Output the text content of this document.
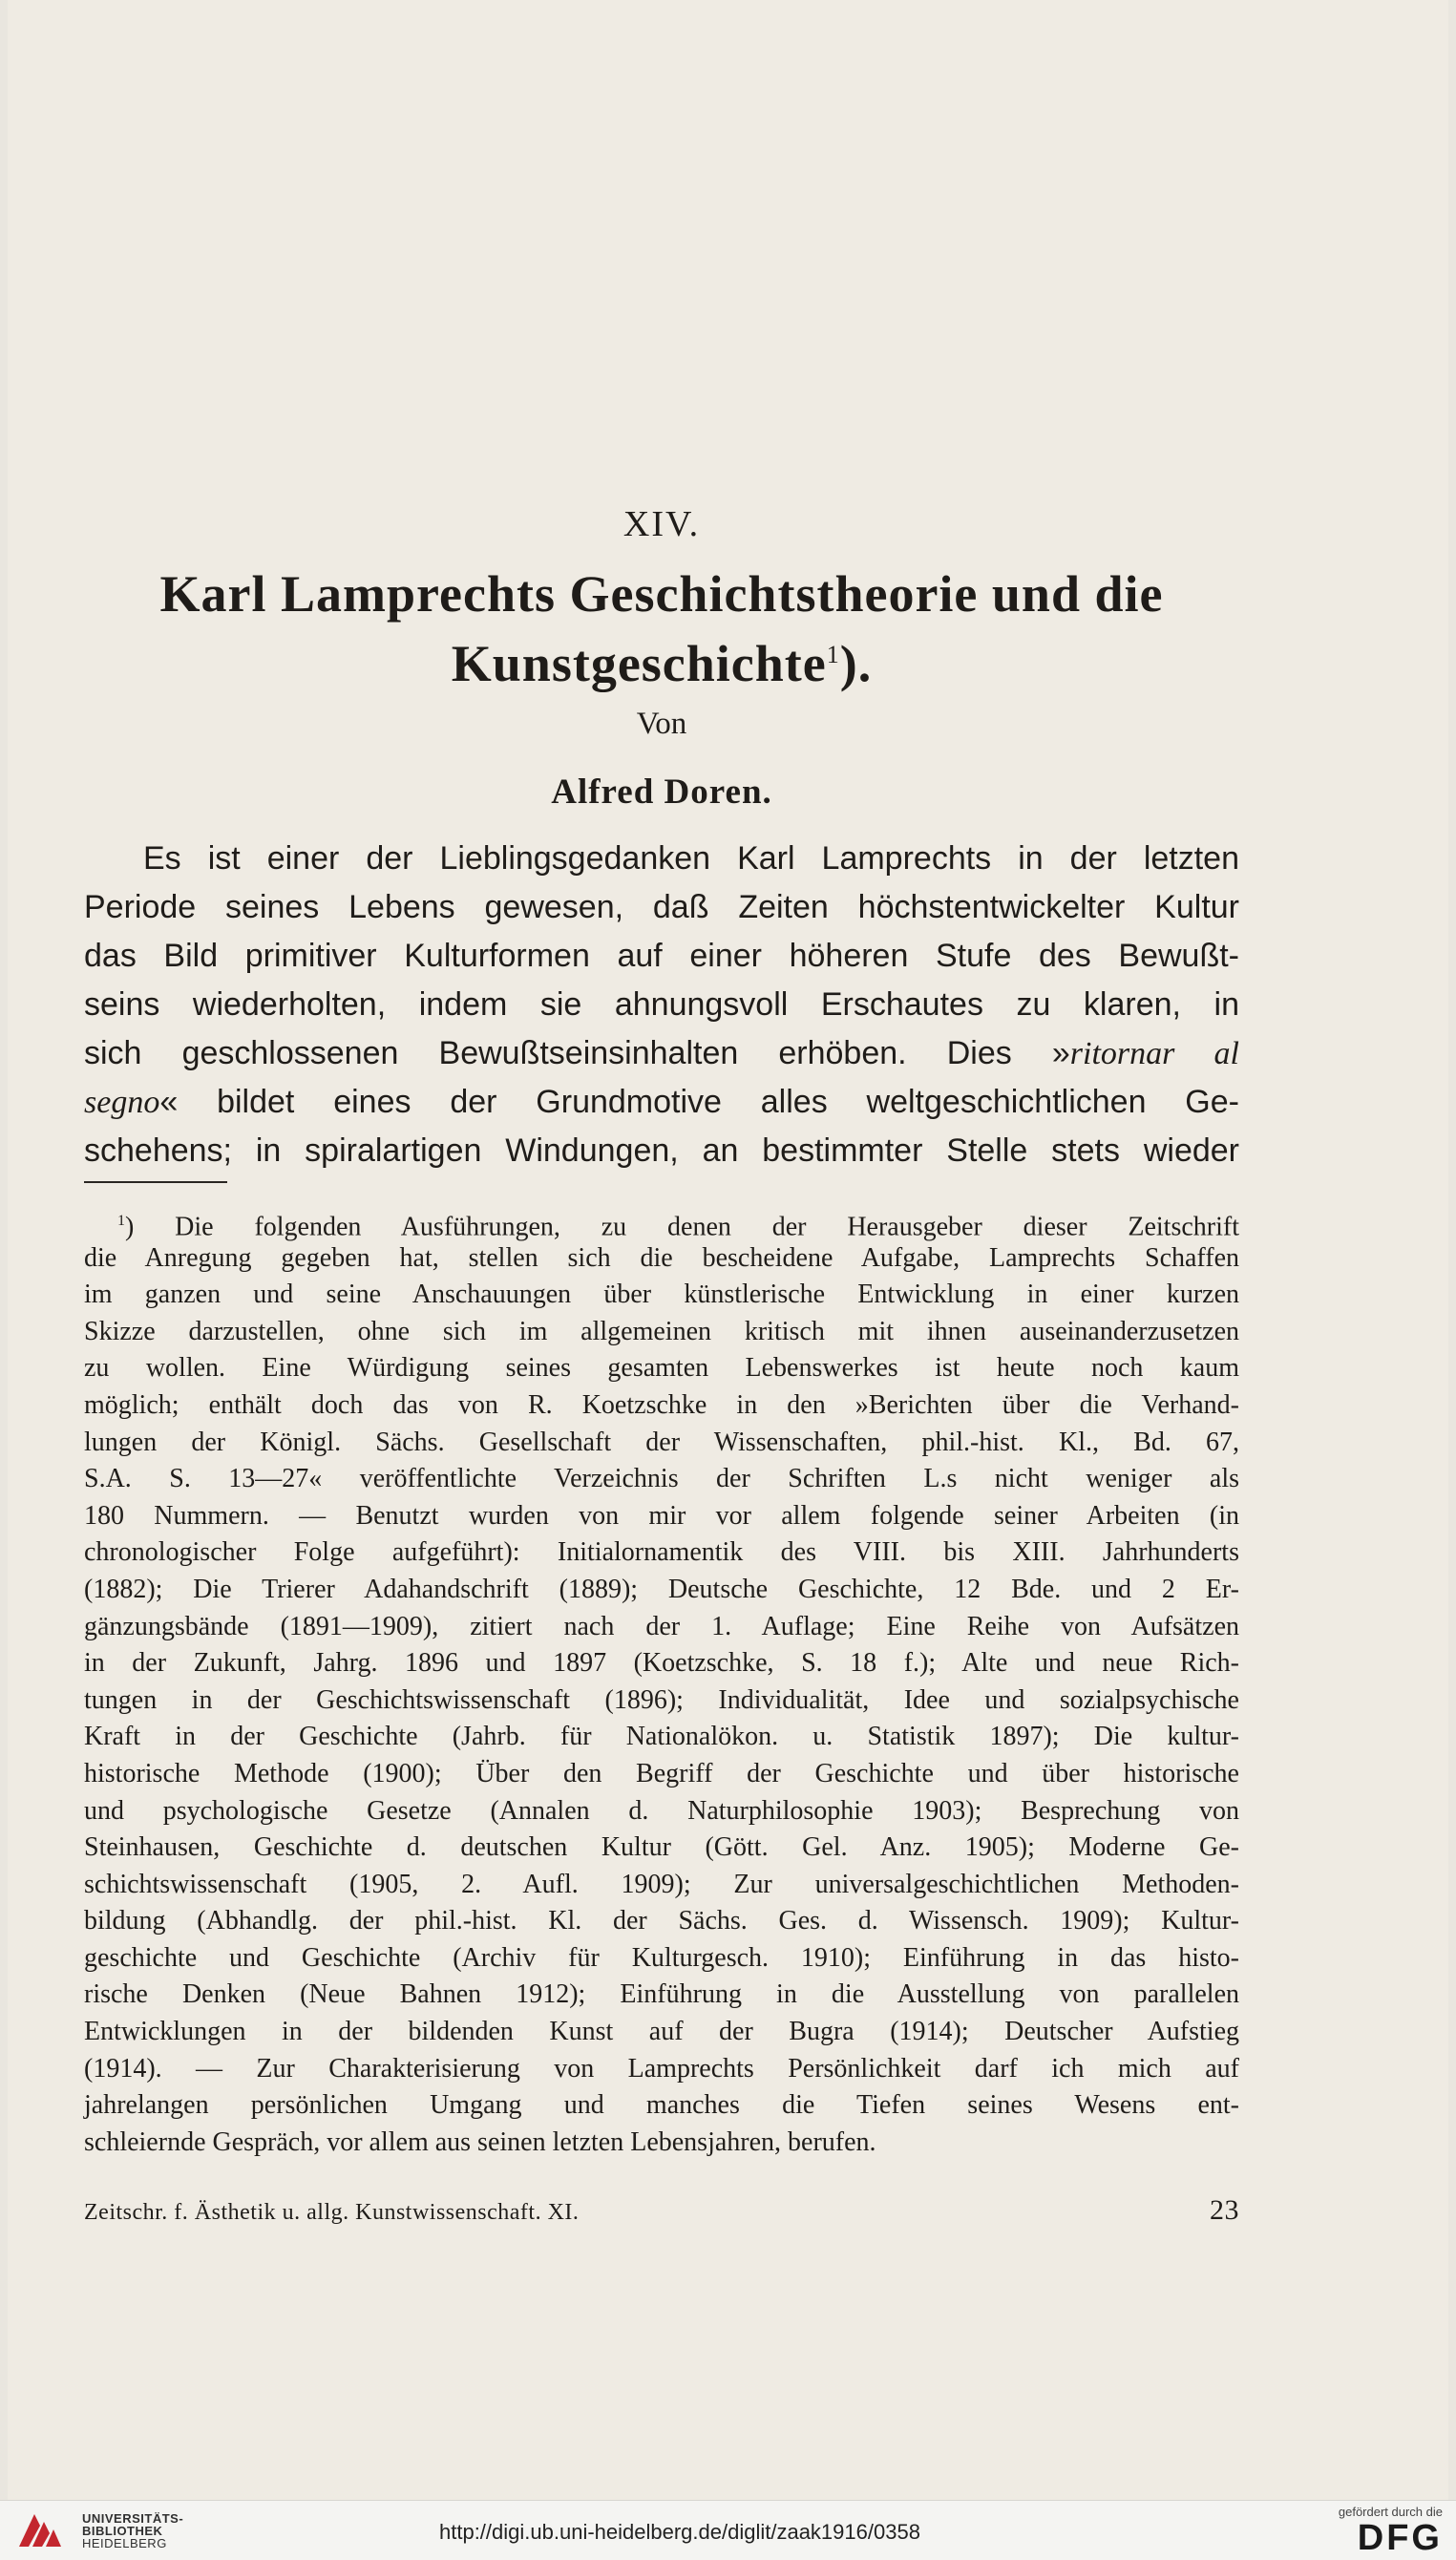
XIV.
Karl Lamprechts Geschichtstheorie und die
Kunstgeschichte$^1$).
Von
Alfred Doren.
Es ist einer der Lieblingsgedanken Karl Lamprechts in der letzten
Periode seines Lebens gewesen, daß Zeiten höchstentwickelter Kultur
das Bild primitiver Kulturformen auf einer höheren Stufe des Bewußt-
seins wiederholten, indem sie ahnungsvoll Erschautes zu klaren, in
sich geschlossenen Bewußtseinsinhalten erhöben. Dies »ritornar al
segno« bildet eines der Grundmotive alles weltgeschichtlichen Ge-
schehens; in spiralartigen Windungen, an bestimmter Stelle stets wieder
$^1$) Die folgenden Ausführungen, zu denen der Herausgeber dieser Zeitschrift
die Anregung gegeben hat, stellen sich die bescheidene Aufgabe, Lamprechts Schaffen
im ganzen und seine Anschauungen über künstlerische Entwicklung in einer kurzen
Skizze darzustellen, ohne sich im allgemeinen kritisch mit ihnen auseinanderzusetzen
zu wollen. Eine Würdigung seines gesamten Lebenswerkes ist heute noch kaum
möglich; enthält doch das von R. Koetzschke in den »Berichten über die Verhand-
lungen der Königl. Sächs. Gesellschaft der Wissenschaften, phil.-hist. Kl., Bd. 67,
S.A. S. 13—27« veröffentlichte Verzeichnis der Schriften L.s nicht weniger als
180 Nummern. — Benutzt wurden von mir vor allem folgende seiner Arbeiten (in
chronologischer Folge aufgeführt): Initialornamentik des VIII. bis XIII. Jahrhunderts
(1882); Die Trierer Adahandschrift (1889); Deutsche Geschichte, 12 Bde. und 2 Er-
gänzungsbände (1891—1909), zitiert nach der 1. Auflage; Eine Reihe von Aufsätzen
in der Zukunft, Jahrg. 1896 und 1897 (Koetzschke, S. 18 f.); Alte und neue Rich-
tungen in der Geschichtswissenschaft (1896); Individualität, Idee und sozialpsychische
Kraft in der Geschichte (Jahrb. für Nationalökon. u. Statistik 1897); Die kultur-
historische Methode (1900); Über den Begriff der Geschichte und über historische
und psychologische Gesetze (Annalen d. Naturphilosophie 1903); Besprechung von
Steinhausen, Geschichte d. deutschen Kultur (Gött. Gel. Anz. 1905); Moderne Ge-
schichtswissenschaft (1905, 2. Aufl. 1909); Zur universalgeschichtlichen Methoden-
bildung (Abhandlg. der phil.-hist. Kl. der Sächs. Ges. d. Wissensch. 1909); Kultur-
geschichte und Geschichte (Archiv für Kulturgesch. 1910); Einführung in das histo-
rische Denken (Neue Bahnen 1912); Einführung in die Ausstellung von parallelen
Entwicklungen in der bildenden Kunst auf der Bugra (1914); Deutscher Aufstieg
(1914). — Zur Charakterisierung von Lamprechts Persönlichkeit darf ich mich auf
jahrelangen persönlichen Umgang und manches die Tiefen seines Wesens ent-
schleiernde Gespräch, vor allem aus seinen letzten Lebensjahren, berufen.
Zeitschr. f. Ästhetik u. allg. Kunstwissenschaft. XI.	23
UNIVERSITÄTS-
BIBLIOTHEK
HEIDELBERG	http://digi.ub.uni-heidelberg.de/diglit/zaak1916/0358
gefördert durch die
DFG
